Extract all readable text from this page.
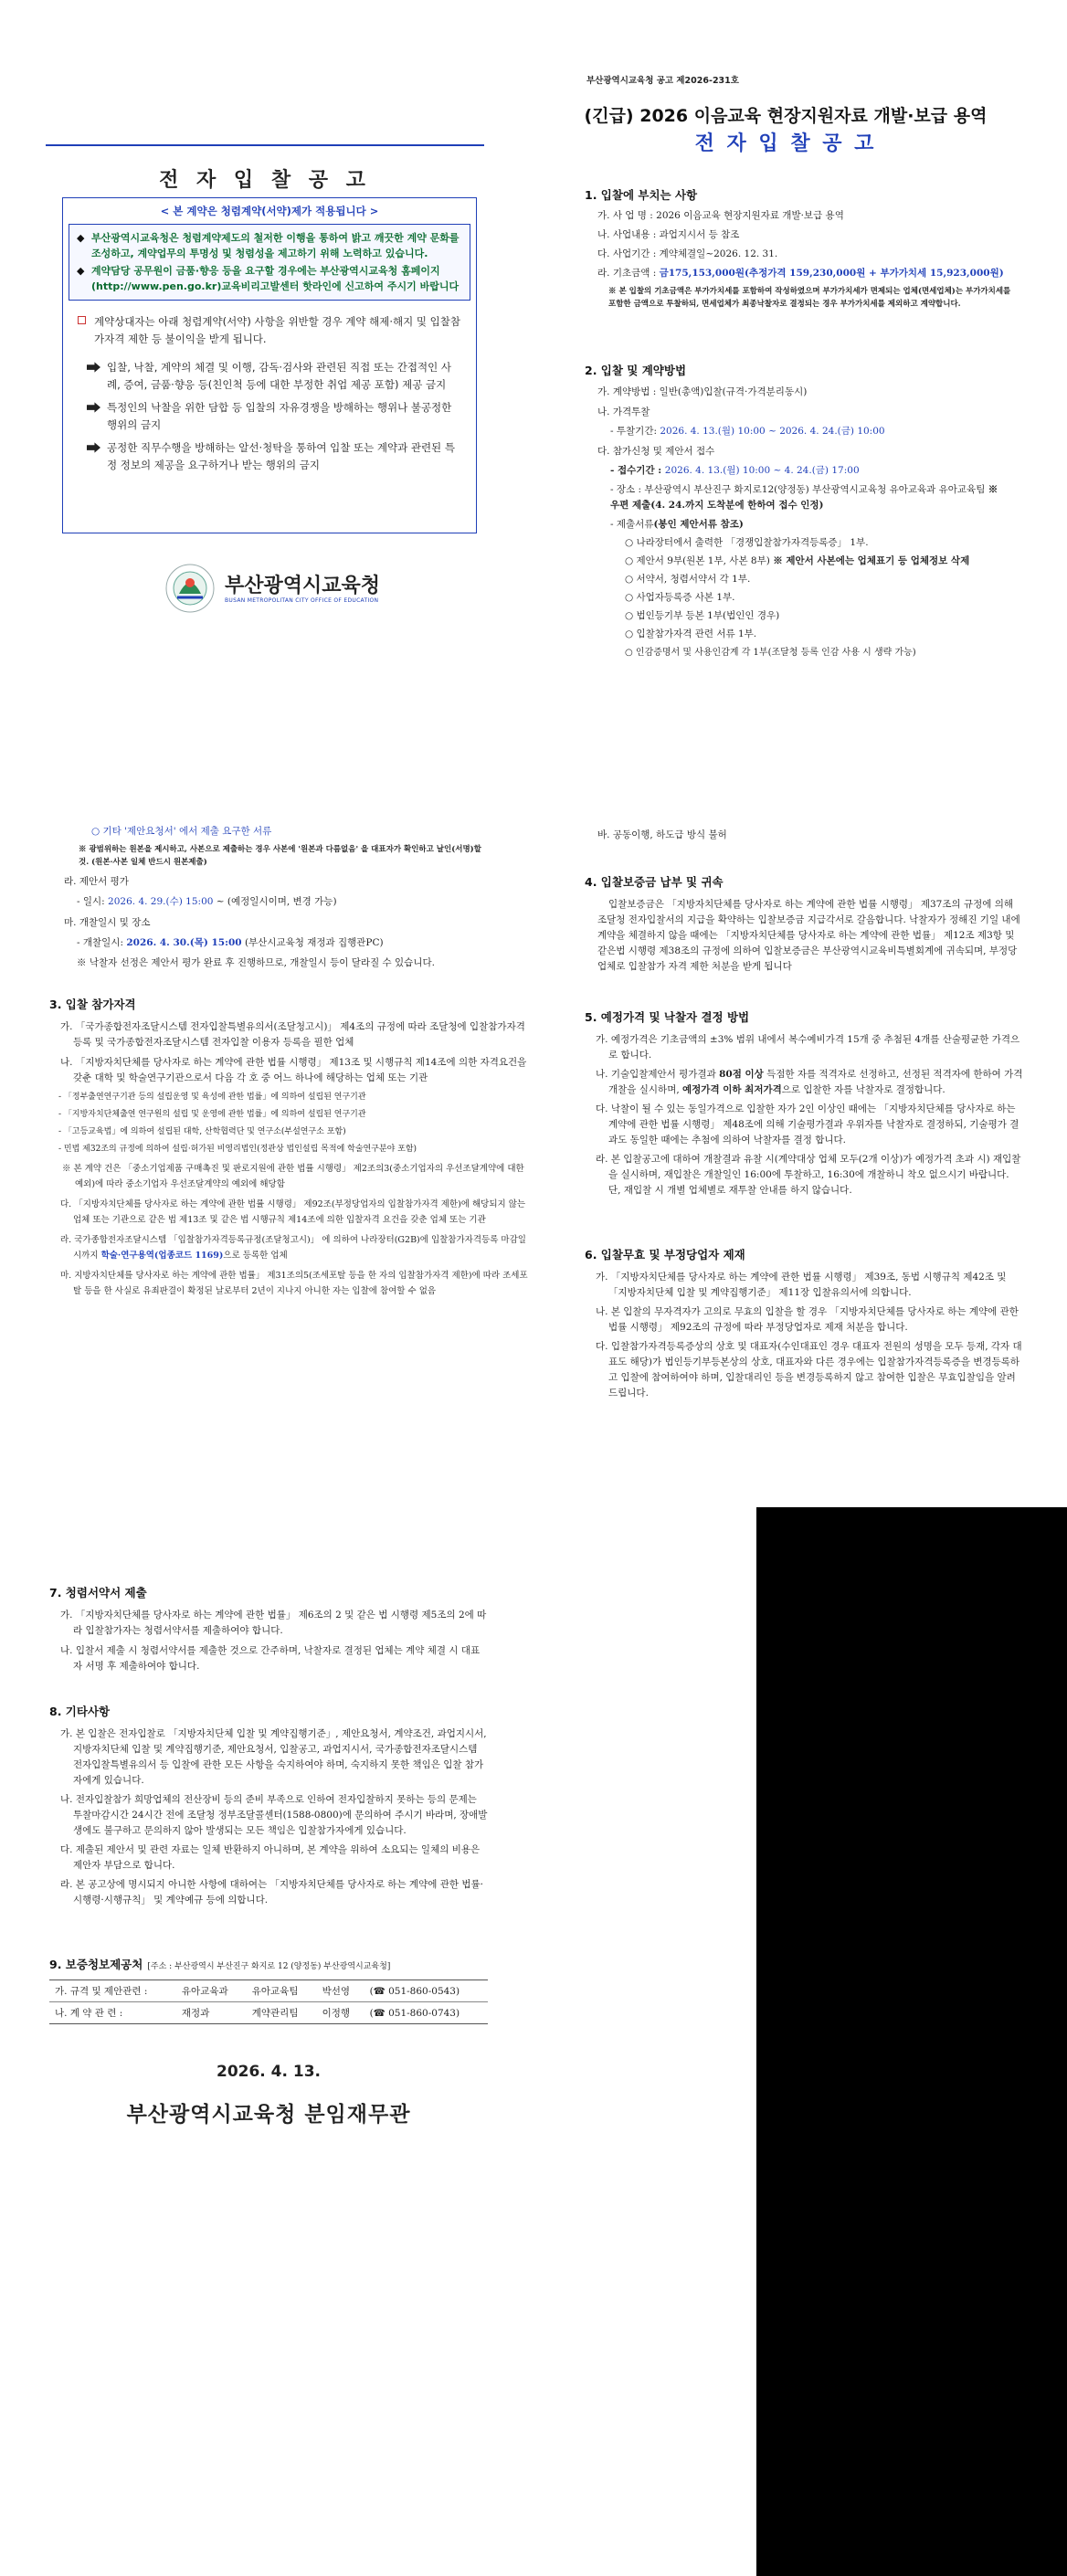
부산광역시교육청 공고 제2026-231호
(긴급) 2026 이음교육 현장지원자료 개발·보급 용역
전 자 입 찰 공 고
전 자 입 찰 공 고
< 본 계약은 청렴계약(서약)제가 적용됩니다 >
◆ 부산광역시교육청은 청렴계약제도의 철저한 이행을 통하여 밝고 깨끗한 계약 문화를 조성하고, 계약업무의 투명성 및 청렴성을 제고하기 위해 노력하고 있습니다.
◆ 계약담당 공무원이 금품·향응 등을 요구할 경우에는 부산광역시교육청 홈페이지(http://www.pen.go.kr)교육비리고발센터 핫라인에 신고하여 주시기 바랍니다
계약상대자는 아래 청렴계약(서약) 사항을 위반할 경우 계약 해제·해지 및 입찰참가자격 제한 등 불이익을 받게 됩니다.
입찰, 낙찰, 계약의 체결 및 이행, 감독·검사와 관련된 직접 또는 간접적인 사례, 증여, 금품·향응 등(친인척 등에 대한 부정한 취업 제공 포함) 제공 금지
특정인의 낙찰을 위한 담합 등 입찰의 자유경쟁을 방해하는 행위나 불공정한 행위의 금지
공정한 직무수행을 방해하는 알선·청탁을 통하여 입찰 또는 계약과 관련된 특정 정보의 제공을 요구하거나 받는 행위의 금지
부산광역시교육청
BUSAN METROPOLITAN CITY OFFICE OF EDUCATION
1. 입찰에 부치는 사항
가. 사 업 명 : 2026 이음교육 현장지원자료 개발·보급 용역
나. 사업내용 : 과업지시서 등 참조
다. 사업기간 : 계약체결일~2026. 12. 31.
라. 기초금액 : 금175,153,000원(추정가격 159,230,000원 + 부가가치세 15,923,000원)
※ 본 입찰의 기초금액은 부가가치세를 포함하여 작성하였으며 부가가치세가 면제되는 업체(면세업체)는 부가가치세를 포함한 금액으로 투찰하되, 면세업체가 최종낙찰자로 결정되는 경우 부가가치세를 제외하고 계약합니다.
2. 입찰 및 계약방법
가. 계약방법 : 일반(총액)입찰(규격·가격분리동시)
나. 가격투찰
- 투찰기간: 2026. 4. 13.(월) 10:00 ~ 2026. 4. 24.(금) 10:00
다. 참가신청 및 제안서 접수
- 접수기간 : 2026. 4. 13.(월) 10:00 ~ 4. 24.(금) 17:00
- 장소 : 부산광역시 부산진구 화지로12(양정동) 부산광역시교육청 유아교육과 유아교육팀 ※ 우편 제출(4. 24.까지 도착분에 한하여 접수 인정)
- 제출서류(봉인 제안서류 참조)
○ 나라장터에서 출력한 「경쟁입찰참가자격등록증」 1부.
○ 제안서 9부(원본 1부, 사본 8부) ※ 제안서 사본에는 업체표기 등 업체정보 삭제
○ 서약서, 청렴서약서 각 1부.
○ 사업자등록증 사본 1부.
○ 법인등기부 등본 1부(법인인 경우)
○ 입찰참가자격 관련 서류 1부.
○ 인감증명서 및 사용인감계 각 1부(조달청 등록 인감 사용 시 생략 가능)
○ 기타 '제안요청서' 에서 제출 요구한 서류
※ 광범위하는 원본을 제시하고, 사본으로 제출하는 경우 사본에 '원본과 다름없음' 을 대표자가 확인하고 날인(서명)할 것. (원본·사본 일체 반드시 원본제출)
라. 제안서 평가
- 일시: 2026. 4. 29.(수) 15:00 ~ (예정일시이며, 변경 가능)
마. 개찰일시 및 장소
- 개찰일시: 2026. 4. 30.(목) 15:00 (부산시교육청 재정과 집행관PC)
※ 낙찰자 선정은 제안서 평가 완료 후 진행하므로, 개찰일시 등이 달라질 수 있습니다.
바. 공동이행, 하도급 방식 불허
3. 입찰 참가자격
가. 「국가종합전자조달시스템 전자입찰특별유의서(조달청고시)」 제4조의 규정에 따라 조달청에 입찰참가자격 등록 및 국가종합전자조달시스템 전자입찰 이용자 등록을 필한 업체
나. 「지방자치단체를 당사자로 하는 계약에 관한 법률 시행령」 제13조 및 시행규칙 제14조에 의한 자격요건을 갖춘 대학 및 학술연구기관으로서 다음 각 호 중 어느 하나에 해당하는 업체 또는 기관
- 「정부출연연구기관 등의 설립운영 및 육성에 관한 법률」에 의하여 설립된 연구기관
- 「지방자치단체출연 연구원의 설립 및 운영에 관한 법률」에 의하여 설립된 연구기관
- 「고등교육법」에 의하여 설립된 대학, 산학협력단 및 연구소(부설연구소 포함)
- 민법 제32조의 규정에 의하여 설립·허가된 비영리법인(정관상 법인설립 목적에 학술연구분야 포함)
※ 본 계약 건은 「중소기업제품 구매촉진 및 판로지원에 관한 법률 시행령」 제2조의3(중소기업자의 우선조달계약에 대한 예외)에 따라 중소기업자 우선조달계약의 예외에 해당함
다. 「지방자치단체를 당사자로 하는 계약에 관한 법률 시행령」 제92조(부정당업자의 입찰참가자격 제한)에 해당되지 않는 업체 또는 기관으로 같은 법 제13조 및 같은 법 시행규칙 제14조에 의한 입찰자격 요건을 갖춘 업체 또는 기관
라. 국가종합전자조달시스템 「입찰참가자격등록규정(조달청고시)」 에 의하여 나라장터(G2B)에 입찰참가자격등록 마감일시까지 학술·연구용역(업종코드 1169)으로 등록한 업체
마. 지방자치단체를 당사자로 하는 계약에 관한 법률」 제31조의5(조세포탈 등을 한 자의 입찰참가자격 제한)에 따라 조세포탈 등을 한 사실로 유죄판결이 확정된 날로부터 2년이 지나지 아니한 자는 입찰에 참여할 수 없음
4. 입찰보증금 납부 및 귀속
입찰보증금은 「지방자치단체를 당사자로 하는 계약에 관한 법률 시행령」 제37조의 규정에 의해 조달청 전자입찰서의 지급을 확약하는 입찰보증금 지급각서로 갈음합니다. 낙찰자가 정해진 기일 내에 계약을 체결하지 않을 때에는 「지방자치단체를 당사자로 하는 계약에 관한 법률」 제12조 제3항 및 같은법 시행령 제38조의 규정에 의하여 입찰보증금은 부산광역시교육비특별회계에 귀속되며, 부정당업체로 입찰참가 자격 제한 처분을 받게 됩니다
5. 예정가격 및 낙찰자 결정 방법
가. 예정가격은 기초금액의 ±3% 범위 내에서 복수예비가격 15개 중 추첨된 4개를 산술평균한 가격으로 합니다.
나. 기술입찰제안서 평가결과 80점 이상 득점한 자를 적격자로 선정하고, 선정된 적격자에 한하여 가격개찰을 실시하며, 예정가격 이하 최저가격으로 입찰한 자를 낙찰자로 결정합니다.
다. 낙찰이 될 수 있는 동일가격으로 입찰한 자가 2인 이상인 때에는 「지방자치단체를 당사자로 하는 계약에 관한 법률 시행령」 제48조에 의해 기술평가결과 우위자를 낙찰자로 결정하되, 기술평가 결과도 동일한 때에는 추첨에 의하여 낙찰자를 결정 합니다.
라. 본 입찰공고에 대하여 개찰결과 유찰 시(계약대상 업체 모두(2개 이상)가 예정가격 초과 시) 재입찰을 실시하며, 재입찰은 개찰일인 16:00에 투찰하고, 16:30에 개찰하니 착오 없으시기 바랍니다. 단, 재입찰 시 개별 업체별로 재투찰 안내를 하지 않습니다.
6. 입찰무효 및 부정당업자 제재
가. 「지방자치단체를 당사자로 하는 계약에 관한 법률 시행령」 제39조, 동법 시행규칙 제42조 및 「지방자치단체 입찰 및 계약집행기준」 제11장 입찰유의서에 의합니다.
나. 본 입찰의 무자격자가 고의로 무효의 입찰을 할 경우 「지방자치단체를 당사자로 하는 계약에 관한 법률 시행령」 제92조의 규정에 따라 부정당업자로 제재 처분을 합니다.
다. 입찰참가자격등록증상의 상호 및 대표자(수인대표인 경우 대표자 전원의 성명을 모두 등재, 각자 대표도 해당)가 법인등기부등본상의 상호, 대표자와 다른 경우에는 입찰참가자격등록증을 변경등록하고 입찰에 참여하여야 하며, 입찰대리인 등을 변경등록하지 않고 참여한 입찰은 무효입찰임을 알려드립니다.
7. 청렴서약서 제출
가. 「지방자치단체를 당사자로 하는 계약에 관한 법률」 제6조의 2 및 같은 법 시행령 제5조의 2에 따라 입찰참가자는 청렴서약서를 제출하여야 합니다.
나. 입찰서 제출 시 청렴서약서를 제출한 것으로 간주하며, 낙찰자로 결정된 업체는 계약 체결 시 대표자 서명 후 제출하여야 합니다.
8. 기타사항
가. 본 입찰은 전자입찰로 「지방자치단체 입찰 및 계약집행기준」, 제안요청서, 계약조건, 과업지시서, 지방자치단체 입찰 및 계약집행기준, 제안요청서, 입찰공고, 과업지시서, 국가종합전자조달시스템 전자입찰특별유의서 등 입찰에 관한 모든 사항을 숙지하여야 하며, 숙지하지 못한 책임은 입찰 참가자에게 있습니다.
나. 전자입찰참가 희망업체의 전산장비 등의 준비 부족으로 인하여 전자입찰하지 못하는 등의 문제는 투찰마감시간 24시간 전에 조달청 정부조달콜센터(1588-0800)에 문의하여 주시기 바라며, 장애발생에도 불구하고 문의하지 않아 발생되는 모든 책임은 입찰참가자에게 있습니다.
다. 제출된 제안서 및 관련 자료는 일체 반환하지 아니하며, 본 계약을 위하여 소요되는 일체의 비용은 제안자 부담으로 합니다.
라. 본 공고상에 명시되지 아니한 사항에 대하여는 「지방자치단체를 당사자로 하는 계약에 관한 법률·시행령·시행규칙」 및 계약예규 등에 의합니다.
9. 보증청보제공처 [주소 : 부산광역시 부산진구 화지로 12 (양정동) 부산광역시교육청]
가. 규격 및 제안관련 :	유아교육과	유아교육팀	박선영	(☎ 051-860-0543)
나. 계 약 관 련 :	재정과	계약관리팀	이정행	(☎ 051-860-0743)
2026. 4. 13.
부산광역시교육청 분임재무관
